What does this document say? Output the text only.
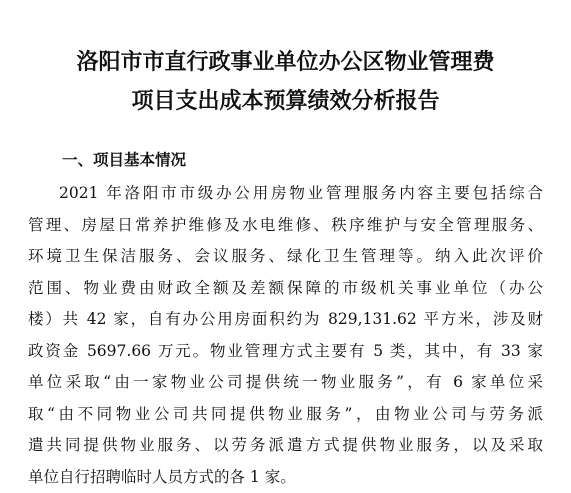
洛阳市市直行政事业单位办公区物业管理费
项目支出成本预算绩效分析报告
一、项目基本情况
2021 年洛阳市市级办公用房物业管理服务内容主要包括综合
管理、房屋日常养护维修及水电维修、秩序维护与安全管理服务、
环境卫生保洁服务、会议服务、绿化卫生管理等。纳入此次评价
范围、物业费由财政全额及差额保障的市级机关事业单位（办公
楼）共 42 家，自有办公用房面积约为 829,131.62 平方米，涉及财
政资金 5697.66 万元。物业管理方式主要有 5 类，其中，有 33 家
单位采取“由一家物业公司提供统一物业服务”，有 6 家单位采
取“由不同物业公司共同提供物业服务”，由物业公司与劳务派
遣共同提供物业服务、以劳务派遣方式提供物业服务，以及采取
单位自行招聘临时人员方式的各 1 家。
